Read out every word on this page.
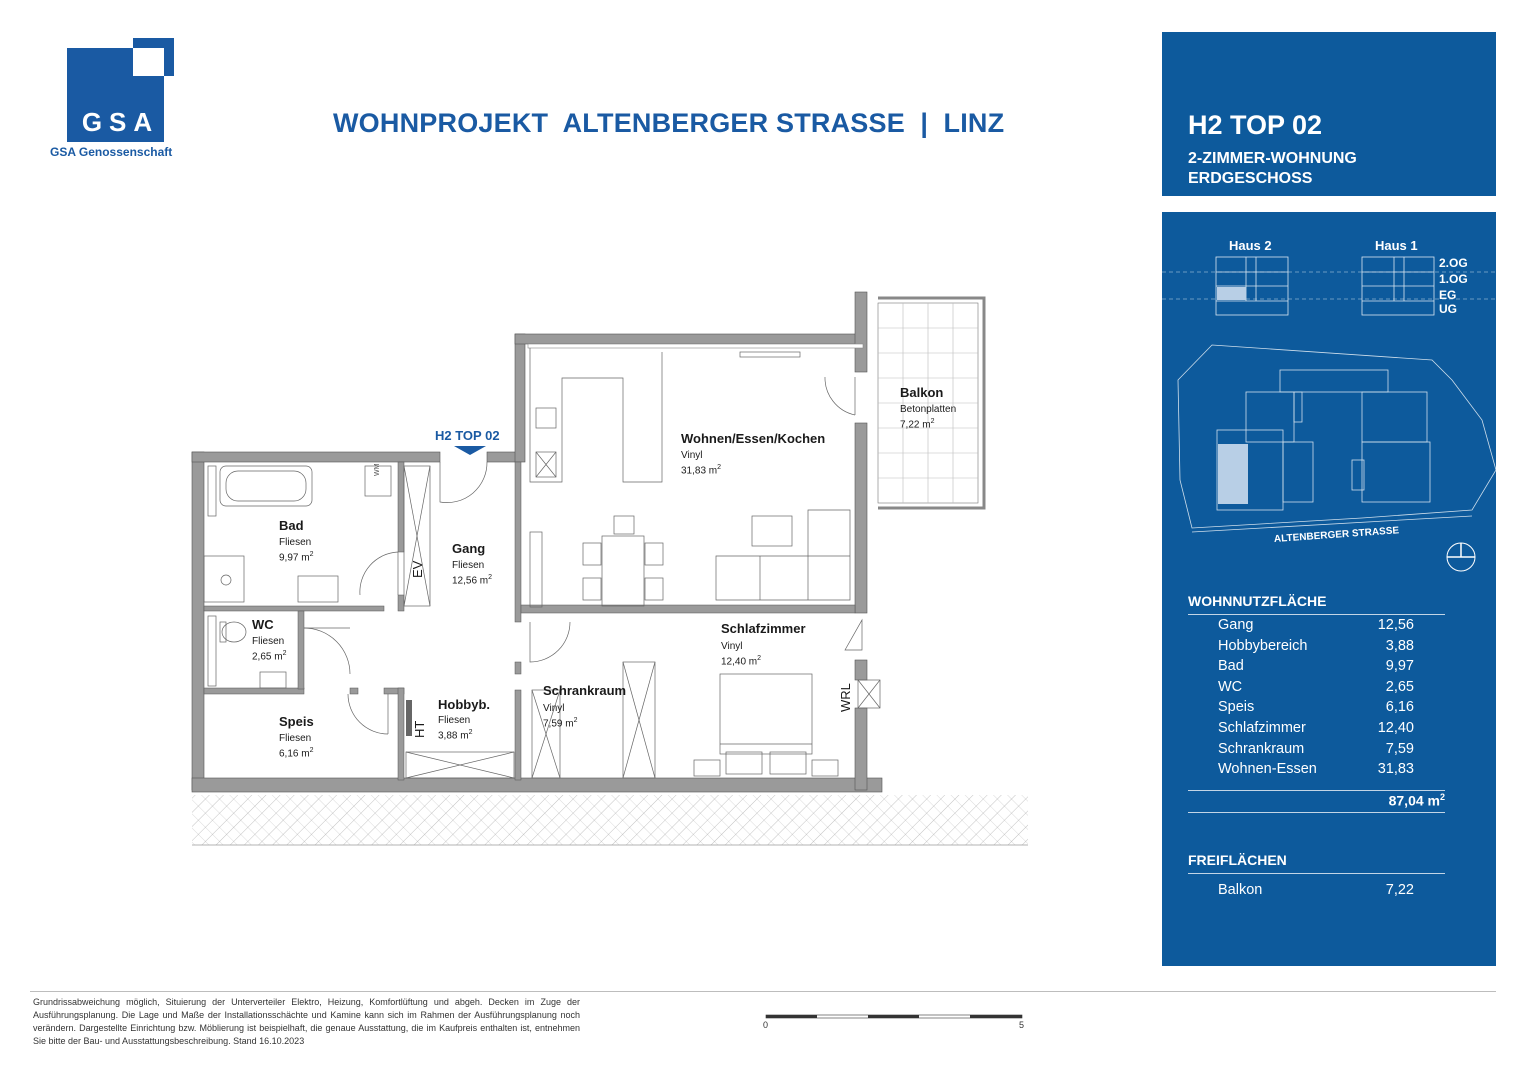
GSA
GSA Genossenschaft
WOHNPROJEKT  ALTENBERGER STRASSE  |  LINZ	H2 TOP 02
2-ZIMMER-WOHNUNG
ERDGESCHOSS
Haus 2	Haus 1
2.OG
1.OG
EG
UG
ALTENBERGER STRASSE
WOHNNUTZFLÄCHE
Gang	12,56
Hobbybereich	3,88
Bad	9,97
WC	2,65
Speis	6,16
Schlafzimmer	12,40
Schrankraum	7,59
Wohnen-Essen	31,83
87,04 $m^2$
FREIFLÄCHEN
Balkon	7,22
H2 TOP 02	Wohnen/Essen/Kochen
Vinyl
31,83 $m^2$
Balkon
Betonplatten
7,22 $m^2$
Bad
Fliesen
9,97 $m^2$	Gang
Fliesen
12,56 $m^2$
WC
Fliesen
2,65 $m^2$
Speis
Fliesen
6,16 $m^2$
Hobbyb.
Fliesen
3,88 $m^2$
Schrankraum
Vinyl
7,59 $m^2$
Schlafzimmer
Vinyl
12,40 $m^2$
EV
HT
WRL
WM
Grundrissabweichung möglich, Situierung der Unterverteiler Elektro, Heizung, Komfortlüftung und abgeh. Decken im Zuge der Ausführungsplanung. Die Lage und Maße der Installationsschächte und Kamine kann sich im Rahmen der Ausführungsplanung noch verändern. Dargestellte Einrichtung bzw. Möblierung ist beispielhaft, die genaue Ausstattung, die im Kaufpreis enthalten ist, entnehmen Sie bitte der Bau- und Ausstattungsbeschreibung. Stand 16.10.2023
0	5
